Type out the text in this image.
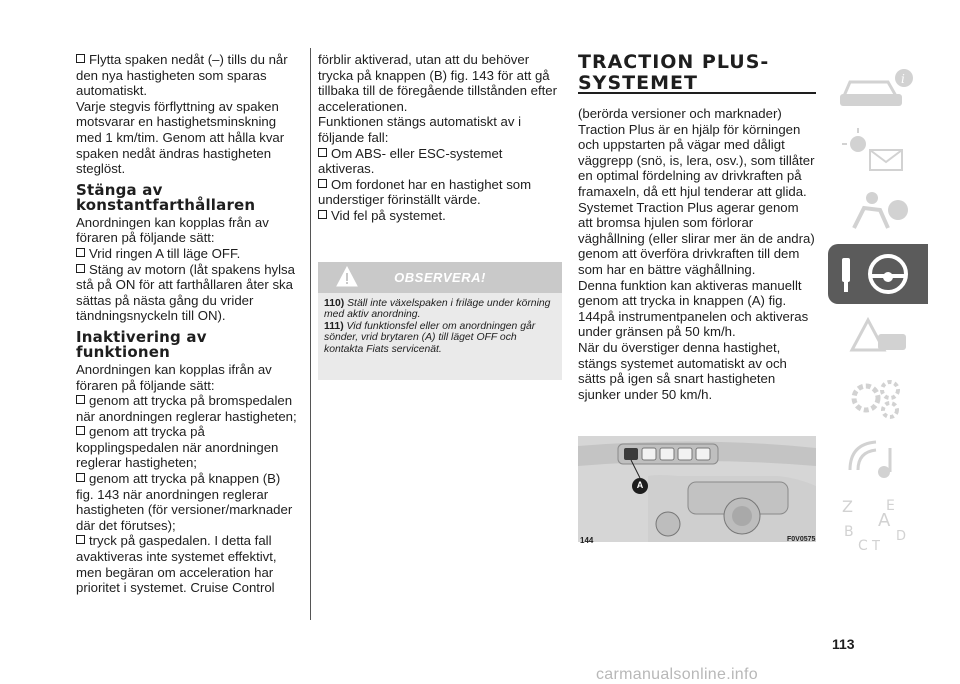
Flytta spaken nedåt (–) tills du når den nya hastigheten som sparas automatiskt.

Varje stegvis förflyttning av spaken motsvarar en hastighetsminskning med 1 km/tim. Genom att hålla kvar spaken nedåt ändras hastigheten steglöst.

Stänga av konstantfarthållaren

Anordningen kan kopplas från av föraren på följande sätt:

Vrid ringen A till läge OFF.

Stäng av motorn (låt spakens hylsa stå på ON för att farthållaren åter ska sättas på nästa gång du vrider tändningsnyckeln till ON).

Inaktivering av funktionen

Anordningen kan kopplas ifrån av föraren på följande sätt:

genom att trycka på bromspedalen när anordningen reglerar hastigheten;

genom att trycka på kopplingspedalen när anordningen reglerar hastigheten;

genom att trycka på knappen (B) fig. 143 när anordningen reglerar hastigheten (för versioner/marknader där det förutses);

tryck på gaspedalen. I detta fall avaktiveras inte systemet effektivt, men begäran om acceleration har prioritet i systemet. Cruise Control

förblir aktiverad, utan att du behöver trycka på knappen (B) fig. 143 för att gå tillbaka till de föregående tillstånden efter accelerationen.

Funktionen stängs automatiskt av i följande fall:

Om ABS- eller ESC-systemet aktiveras.

Om fordonet har en hastighet som understiger förinställt värde.

Vid fel på systemet.

OBSERVERA!
110) Ställ inte växelspaken i friläge under körning med aktiv anordning.
111) Vid funktionsfel eller om anordningen går sönder, vrid brytaren (A) till läget OFF och kontakta Fiats servicenät.
TRACTION PLUS-SYSTEMET

(berörda versioner och marknader)

Traction Plus är en hjälp för körningen och uppstarten på vägar med dåligt väggrepp (snö, is, lera, osv.), som tillåter en optimal fördelning av drivkraften på framaxeln, då ett hjul tenderar att glida.

Systemet Traction Plus agerar genom att bromsa hjulen som förlorar väghållning (eller slirar mer än de andra) genom att överföra drivkraften till dem som har en bättre väghållning.

Denna funktion kan aktiveras manuellt genom att trycka in knappen (A) fig. 144på instrumentpanelen och aktiveras under gränsen på 50 km/h.

När du överstiger denna hastighet, stängs systemet automatiskt av och sätts på igen så snart hastigheten sjunker under 50 km/h.

A
144	F0V0575
i
Z E
B
A
C
D
T
113
carmanualsonline.info
